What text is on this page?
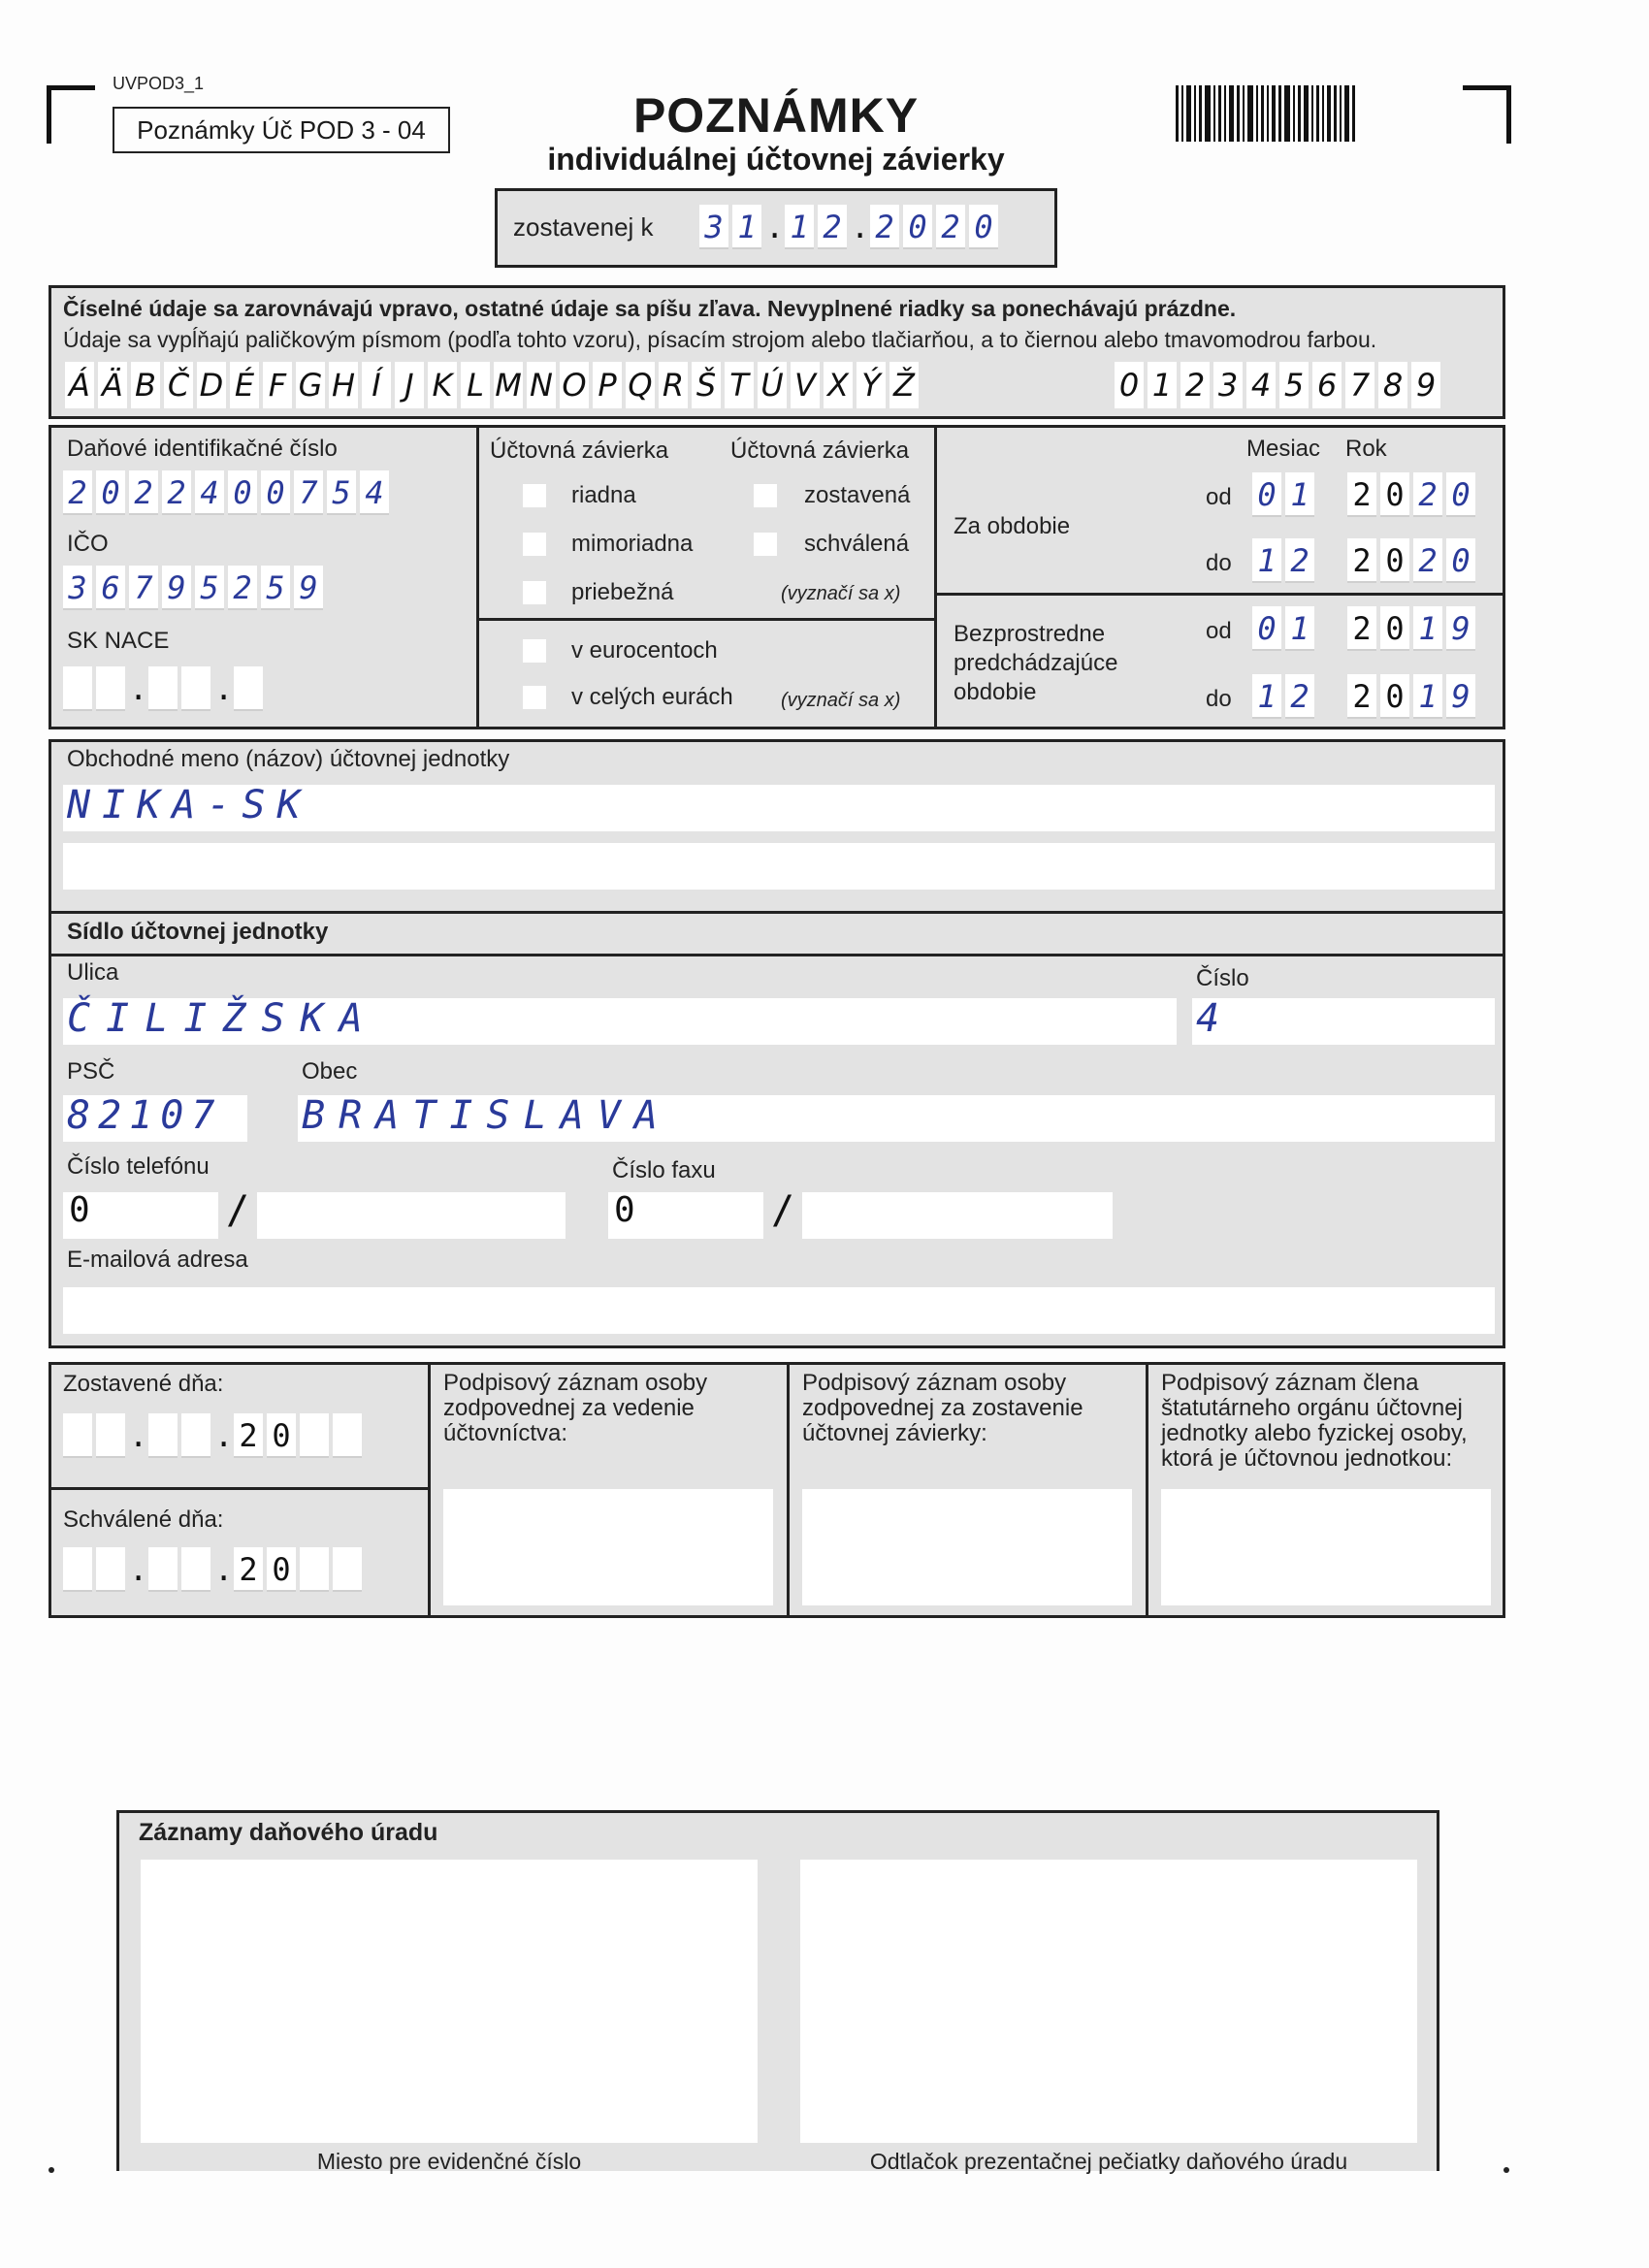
UVPOD3_1
Poznámky Úč POD 3 - 04	POZNÁMKY
individuálnej účtovnej závierky
zostavenej k 3 1 . 1 2 . 2 0 2 0
Číselné údaje sa zarovnávajú vpravo, ostatné údaje sa píšu zľava. Nevyplnené riadky sa ponechávajú prázdne.
Údaje sa vypĺňajú paličkovým písmom (podľa tohto vzoru), písacím strojom alebo tlačiarňou, a to čiernou alebo tmavomodrou farbou.
Á Ä B Č D É F G H Í J K L M N O P Q R Š T Ú V X Ý Ž	0 1 2 3 4 5 6 7 8 9
Daňové identifikačné číslo
2 0 2 2 4 0 0 7 5 4
IČO
3 6 7 9 5 2 5 9
SK NACE
. .
Účtovná závierka
riadna
mimoriadna
priebežná
Účtovná závierka
zostavená
schválená
(vyznačí sa x)
v eurocentoch
v celých eurách (vyznačí sa x)
Mesiac Rok
Za obdobie
od 0 1 2 0 2 0
do 1 2 2 0 2 0
Bezprostredne predchádzajúce obdobie
od 0 1 2 0 1 9
do 1 2 2 0 1 9
Obchodné meno (názov) účtovnej jednotky
NIKA-SK
Sídlo účtovnej jednotky
Ulica
ČILIŽSKA
Číslo
4
PSČ
82107
Obec
BRATISLAVA
Číslo telefónu
0	/
Číslo faxu
0	/
E-mailová adresa
Zostavené dňa:
. . 2 0
Schválené dňa:
. . 2 0
Podpisový záznam osoby zodpovednej za vedenie účtovníctva:
Podpisový záznam osoby zodpovednej za zostavenie účtovnej závierky:
Podpisový záznam člena štatutárneho orgánu účtovnej jednotky alebo fyzickej osoby, ktorá je účtovnou jednotkou:
Záznamy daňového úradu
Miesto pre evidenčné číslo	Odtlačok prezentačnej pečiatky daňového úradu
